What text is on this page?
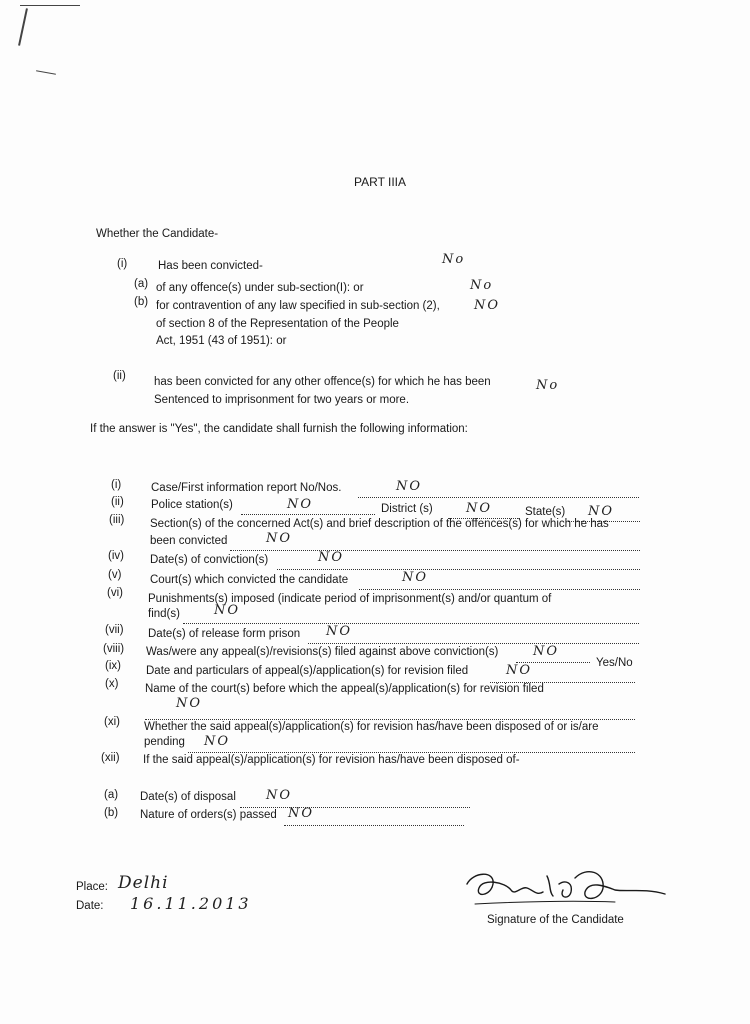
PART IIIA
Whether the Candidate-
(i)	Has been convicted-	No
(a) of any offence(s) under sub-section(I): or	No
(b) for contravention of any law specified in sub-section (2),	NO
of section 8 of the Representation of the People
Act, 1951 (43 of 1951): or
(ii) has been convicted for any other offence(s) for which he has been
Sentenced to imprisonment for two years or more.
No
If the answer is "Yes", the candidate shall furnish the following information:
(i)	Case/First information report No/Nos.	NO
(ii) Police station(s)	NO	District (s)	NO	State(s) NO
(iii) Section(s) of the concerned Act(s) and brief description of the offences(s) for which he has
been convicted	NO
(iv) Date(s) of conviction(s)	NO
(v) Court(s) which convicted the candidate	NO
(vi) Punishments(s) imposed (indicate period of imprisonment(s) and/or quantum of
find(s)	NO
(vii) Date(s) of release form prison NO
(viii) Was/were any appeal(s)/revisions(s) filed against above conviction(s)	NO
Yes/No
(ix) Date and particulars of appeal(s)/application(s) for revision filed	NO
(x) Name of the court(s) before which the appeal(s)/application(s) for revision filed
NO
(xi) Whether the said appeal(s)/application(s) for revision has/have been disposed of or is/are
pending NO
(xii) If the said appeal(s)/application(s) for revision has/have been disposed of-
(a) Date(s) of disposal NO
(b) Nature of orders(s) passed NO
Place: Delhi
Date: 16.11.2013
Signature of the Candidate
